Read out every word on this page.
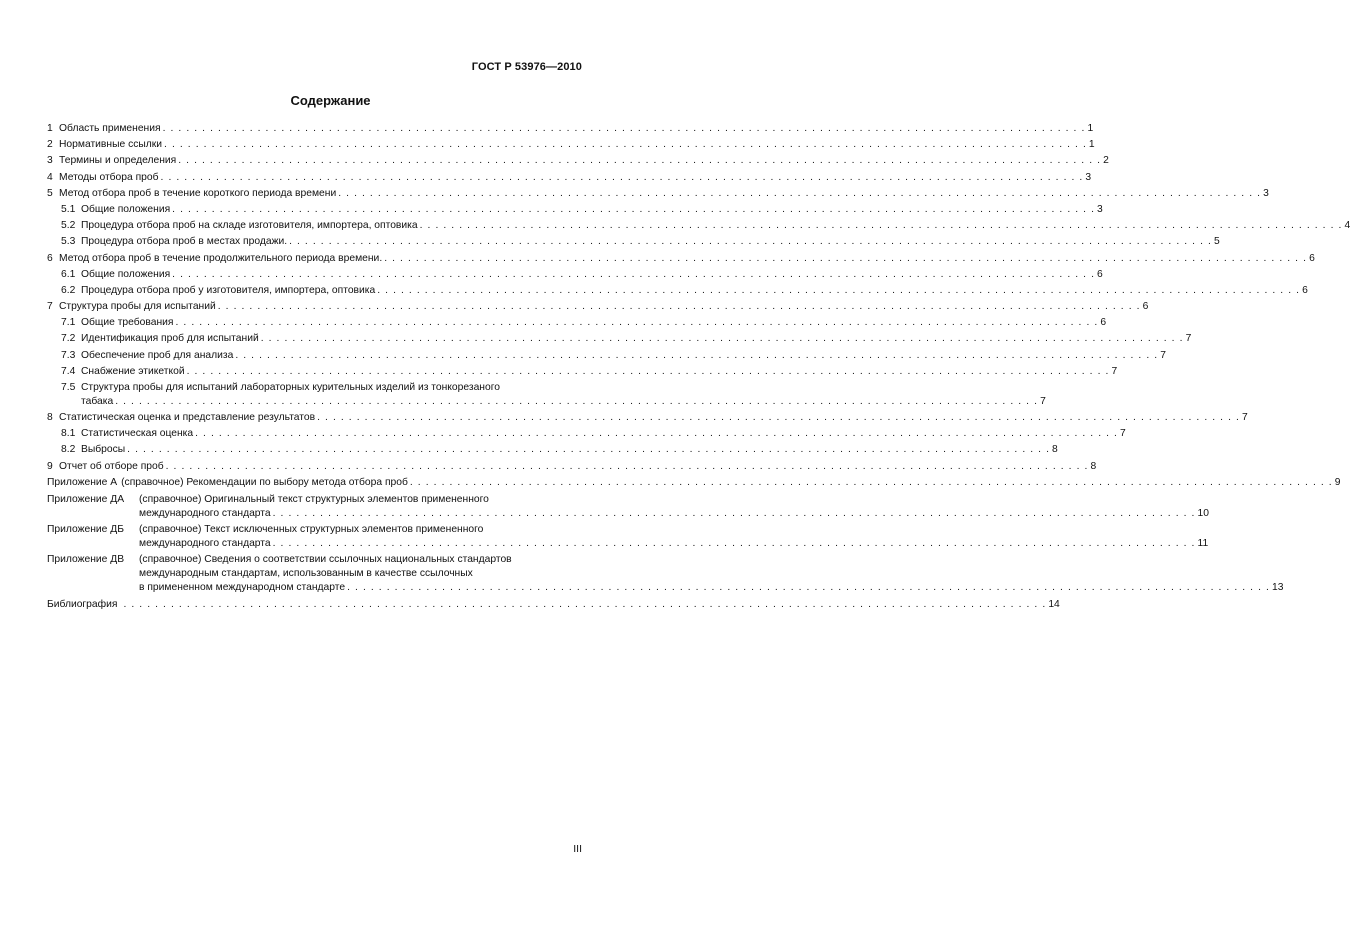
ГОСТ Р 53976—2010
Содержание
1 Область применения . . . . . . . . . . . . . . . . . . . . . . . . . . . . . . . . . . . . . . . . . . . . . . . . . . . . . . . . . . . . . . . . . . . . . . . . . . . . . . . . . . . . . . . . . . . . . . . . . . . . . . . . . . . . . . . . . . . . . 1
2 Нормативные ссылки . . . . . . . . . . . . . . . . . . . . . . . . . . . . . . . . . . . . . . . . . . . . . . . . . . . . . . . . . . . . . . . . . . . . . . . . . . . . . . . . . . . . . . . . . . . . . . . . . . . . . . . . . . . . . . . . . . . . . 1
3 Термины и определения . . . . . . . . . . . . . . . . . . . . . . . . . . . . . . . . . . . . . . . . . . . . . . . . . . . . . . . . . . . . . . . . . . . . . . . . . . . . . . . . . . . . . . . . . . . . . . . . . . . . . . . . . . . . . . . . . . . . . 2
4 Методы отбора проб . . . . . . . . . . . . . . . . . . . . . . . . . . . . . . . . . . . . . . . . . . . . . . . . . . . . . . . . . . . . . . . . . . . . . . . . . . . . . . . . . . . . . . . . . . . . . . . . . . . . . . . . . . . . . . . . . . . . . 3
5 Метод отбора проб в течение короткого периода времени . . . . . . . . . . . . . . . . . . . . . . . . . . . . . . . . . . . . . . . . . . . . . . . . . . . . . . . . . . . . . . . . . . . . . . . . . . . . . . . . . . . . . . . . . . . . . . . . . . . . . . . . . . . . . . . . . . . . . 3
5.1 Общие положения . . . . . . . . . . . . . . . . . . . . . . . . . . . . . . . . . . . . . . . . . . . . . . . . . . . . . . . . . . . . . . . . . . . . . . . . . . . . . . . . . . . . . . . . . . . . . . . . . . . . . . . . . . . . . . . . . . . . . 3
5.2 Процедура отбора проб на складе изготовителя, импортера, оптовика . . . . . . . . . . . . . . . . . . . . . . . . . . . . . . . . . . . . . . . . . . . . . . . . . . . . . . . . . . . . . . . . . . . . . . . . . . . . . . . . . . . . . . . . . . . . . . . . . . . . . . . . . . . . . . . . . . . . . 4
5.3 Процедура отбора проб в местах продажи. . . . . . . . . . . . . . . . . . . . . . . . . . . . . . . . . . . . . . . . . . . . . . . . . . . . . . . . . . . . . . . . . . . . . . . . . . . . . . . . . . . . . . . . . . . . . . . . . . . . . . . . . . . . . . . . . . . . . . 5
6 Метод отбора проб в течение продолжительного периода времени. . . . . . . . . . . . . . . . . . . . . . . . . . . . . . . . . . . . . . . . . . . . . . . . . . . . . . . . . . . . . . . . . . . . . . . . . . . . . . . . . . . . . . . . . . . . . . . . . . . . . . . . . . . . . . . . . . . . . . 6
6.1 Общие положения . . . . . . . . . . . . . . . . . . . . . . . . . . . . . . . . . . . . . . . . . . . . . . . . . . . . . . . . . . . . . . . . . . . . . . . . . . . . . . . . . . . . . . . . . . . . . . . . . . . . . . . . . . . . . . . . . . . . . 6
6.2 Процедура отбора проб у изготовителя, импортера, оптовика . . . . . . . . . . . . . . . . . . . . . . . . . . . . . . . . . . . . . . . . . . . . . . . . . . . . . . . . . . . . . . . . . . . . . . . . . . . . . . . . . . . . . . . . . . . . . . . . . . . . . . . . . . . . . . . . . . . . . 6
7 Структура пробы для испытаний . . . . . . . . . . . . . . . . . . . . . . . . . . . . . . . . . . . . . . . . . . . . . . . . . . . . . . . . . . . . . . . . . . . . . . . . . . . . . . . . . . . . . . . . . . . . . . . . . . . . . . . . . . . . . . . . . . . . . 6
7.1 Общие требования . . . . . . . . . . . . . . . . . . . . . . . . . . . . . . . . . . . . . . . . . . . . . . . . . . . . . . . . . . . . . . . . . . . . . . . . . . . . . . . . . . . . . . . . . . . . . . . . . . . . . . . . . . . . . . . . . . . . . 6
7.2 Идентификация проб для испытаний . . . . . . . . . . . . . . . . . . . . . . . . . . . . . . . . . . . . . . . . . . . . . . . . . . . . . . . . . . . . . . . . . . . . . . . . . . . . . . . . . . . . . . . . . . . . . . . . . . . . . . . . . . . . . . . . . . . . . 7
7.3 Обеспечение проб для анализа . . . . . . . . . . . . . . . . . . . . . . . . . . . . . . . . . . . . . . . . . . . . . . . . . . . . . . . . . . . . . . . . . . . . . . . . . . . . . . . . . . . . . . . . . . . . . . . . . . . . . . . . . . . . . . . . . . . . . 7
7.4 Снабжение этикеткой . . . . . . . . . . . . . . . . . . . . . . . . . . . . . . . . . . . . . . . . . . . . . . . . . . . . . . . . . . . . . . . . . . . . . . . . . . . . . . . . . . . . . . . . . . . . . . . . . . . . . . . . . . . . . . . . . . . . . 7
7.5 Структура пробы для испытаний лабораторных курительных изделий из тонкорезаного
табака . . . . . . . . . . . . . . . . . . . . . . . . . . . . . . . . . . . . . . . . . . . . . . . . . . . . . . . . . . . . . . . . . . . . . . . . . . . . . . . . . . . . . . . . . . . . . . . . . . . . . . . . . . . . . . . . . . . . . 7
8 Статистическая оценка и представление результатов . . . . . . . . . . . . . . . . . . . . . . . . . . . . . . . . . . . . . . . . . . . . . . . . . . . . . . . . . . . . . . . . . . . . . . . . . . . . . . . . . . . . . . . . . . . . . . . . . . . . . . . . . . . . . . . . . . . . . 7
8.1 Статистическая оценка . . . . . . . . . . . . . . . . . . . . . . . . . . . . . . . . . . . . . . . . . . . . . . . . . . . . . . . . . . . . . . . . . . . . . . . . . . . . . . . . . . . . . . . . . . . . . . . . . . . . . . . . . . . . . . . . . . . . . 7
8.2 Выбросы . . . . . . . . . . . . . . . . . . . . . . . . . . . . . . . . . . . . . . . . . . . . . . . . . . . . . . . . . . . . . . . . . . . . . . . . . . . . . . . . . . . . . . . . . . . . . . . . . . . . . . . . . . . . . . . . . . . . . 8
9 Отчет об отборе проб . . . . . . . . . . . . . . . . . . . . . . . . . . . . . . . . . . . . . . . . . . . . . . . . . . . . . . . . . . . . . . . . . . . . . . . . . . . . . . . . . . . . . . . . . . . . . . . . . . . . . . . . . . . . . . . . . . . . . 8
Приложение А (справочное) Рекомендации по выбору метода отбора проб . . . . . . . . . . . . . . . . . . . . . . . . . . . . . . . . . . . . . . . . . . . . . . . . . . . . . . . . . . . . . . . . . . . . . . . . . . . . . . . . . . . . . . . . . . . . . . . . . . . . . . . . . . . . . . . . . . . . . 9
Приложение ДА (справочное) Оригинальный текст структурных элементов примененного
международного стандарта . . . . . . . . . . . . . . . . . . . . . . . . . . . . . . . . . . . . . . . . . . . . . . . . . . . . . . . . . . . . . . . . . . . . . . . . . . . . . . . . . . . . . . . . . . . . . . . . . . . . . . . . . . . . . . . . . . . . . 10
Приложение ДБ (справочное) Текст исключенных структурных элементов примененного
международного стандарта . . . . . . . . . . . . . . . . . . . . . . . . . . . . . . . . . . . . . . . . . . . . . . . . . . . . . . . . . . . . . . . . . . . . . . . . . . . . . . . . . . . . . . . . . . . . . . . . . . . . . . . . . . . . . . . . . . . . . 11
Приложение ДВ (справочное) Сведения о соответствии ссылочных национальных стандартов
международным стандартам, использованным в качестве ссылочных
в примененном международном стандарте . . . . . . . . . . . . . . . . . . . . . . . . . . . . . . . . . . . . . . . . . . . . . . . . . . . . . . . . . . . . . . . . . . . . . . . . . . . . . . . . . . . . . . . . . . . . . . . . . . . . . . . . . . . . . . . . . . . . . 13
Библиография . . . . . . . . . . . . . . . . . . . . . . . . . . . . . . . . . . . . . . . . . . . . . . . . . . . . . . . . . . . . . . . . . . . . . . . . . . . . . . . . . . . . . . . . . . . . . . . . . . . . . . . . . . . . . . . . . . . . . 14
III
